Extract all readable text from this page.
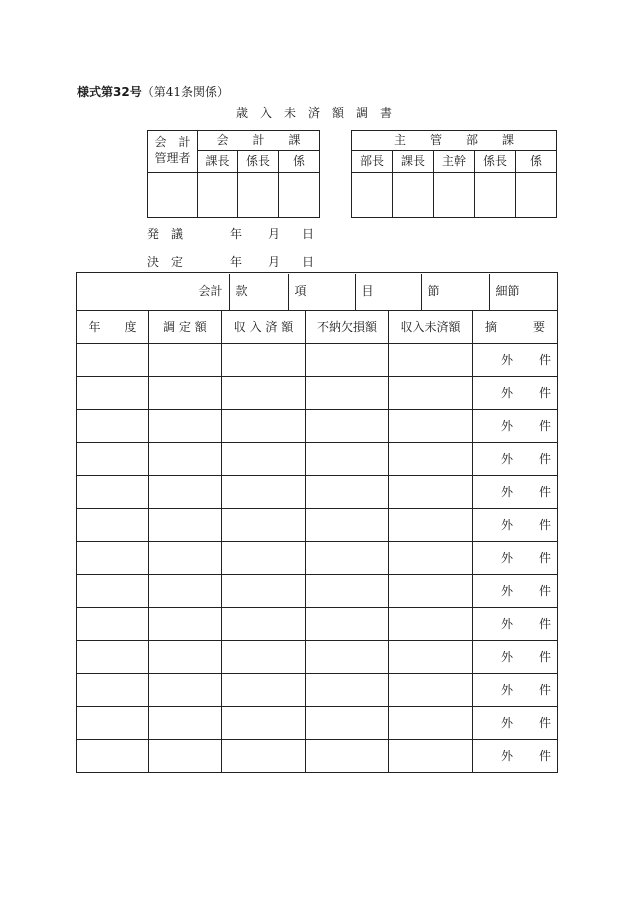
様式第32号（第41条関係）
歳入未済額調書
会　計
管理者	会　　計　　課		
	課長	係長	係

主　　管　　部　　課				
部長	課長	主幹	係長	係

発　議	年 月 日
決　定	年 月 日
会計	款	項	目	節	細節

年　　度	調 定 額	収 入 済 額	不納欠損額	収入未済額	摘　　　要
					外 件
					外 件
					外 件
					外 件
					外 件
					外 件
					外 件
					外 件
					外 件
					外 件
					外 件
					外 件
					外 件
